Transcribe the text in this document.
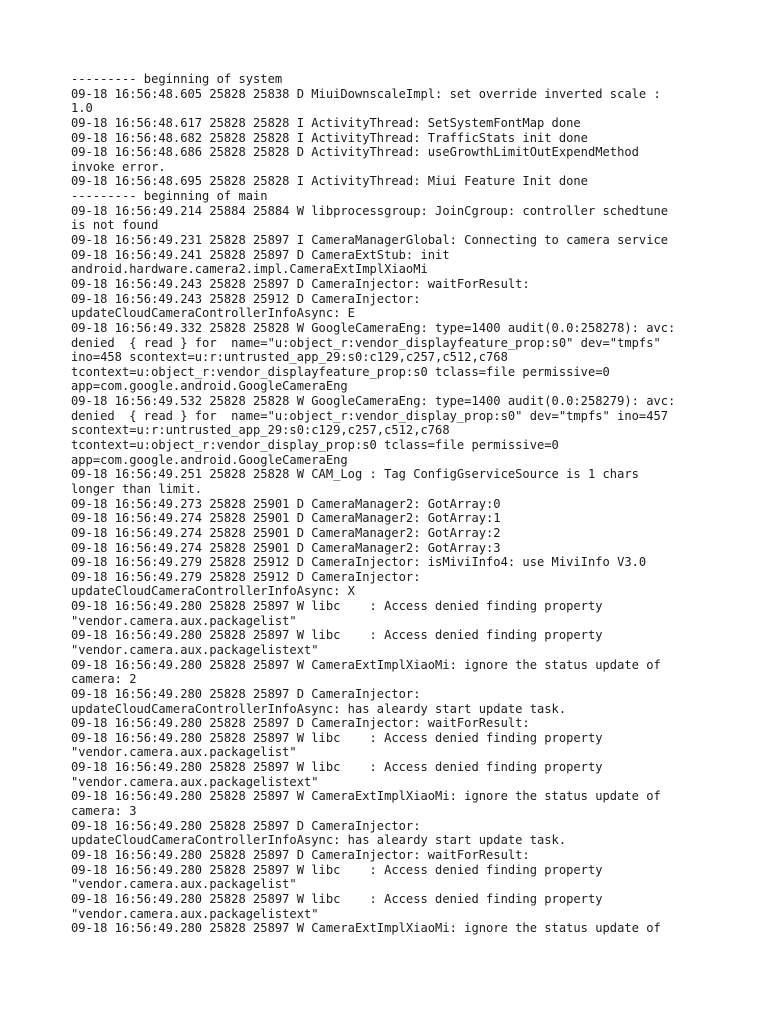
--------- beginning of system
09-18 16:56:48.605 25828 25838 D MiuiDownscaleImpl: set override inverted scale :
1.0
09-18 16:56:48.617 25828 25828 I ActivityThread: SetSystemFontMap done
09-18 16:56:48.682 25828 25828 I ActivityThread: TrafficStats init done
09-18 16:56:48.686 25828 25828 D ActivityThread: useGrowthLimitOutExpendMethod
invoke error.
09-18 16:56:48.695 25828 25828 I ActivityThread: Miui Feature Init done
--------- beginning of main
09-18 16:56:49.214 25884 25884 W libprocessgroup: JoinCgroup: controller schedtune
is not found
09-18 16:56:49.231 25828 25897 I CameraManagerGlobal: Connecting to camera service
09-18 16:56:49.241 25828 25897 D CameraExtStub: init
android.hardware.camera2.impl.CameraExtImplXiaoMi
09-18 16:56:49.243 25828 25897 D CameraInjector: waitForResult:
09-18 16:56:49.243 25828 25912 D CameraInjector:
updateCloudCameraControllerInfoAsync: E
09-18 16:56:49.332 25828 25828 W GoogleCameraEng: type=1400 audit(0.0:258278): avc:
denied  { read } for  name="u:object_r:vendor_displayfeature_prop:s0" dev="tmpfs"
ino=458 scontext=u:r:untrusted_app_29:s0:c129,c257,c512,c768
tcontext=u:object_r:vendor_displayfeature_prop:s0 tclass=file permissive=0
app=com.google.android.GoogleCameraEng
09-18 16:56:49.532 25828 25828 W GoogleCameraEng: type=1400 audit(0.0:258279): avc:
denied  { read } for  name="u:object_r:vendor_display_prop:s0" dev="tmpfs" ino=457
scontext=u:r:untrusted_app_29:s0:c129,c257,c512,c768
tcontext=u:object_r:vendor_display_prop:s0 tclass=file permissive=0
app=com.google.android.GoogleCameraEng
09-18 16:56:49.251 25828 25828 W CAM_Log : Tag ConfigGserviceSource is 1 chars
longer than limit.
09-18 16:56:49.273 25828 25901 D CameraManager2: GotArray:0
09-18 16:56:49.274 25828 25901 D CameraManager2: GotArray:1
09-18 16:56:49.274 25828 25901 D CameraManager2: GotArray:2
09-18 16:56:49.274 25828 25901 D CameraManager2: GotArray:3
09-18 16:56:49.279 25828 25912 D CameraInjector: isMiviInfo4: use MiviInfo V3.0
09-18 16:56:49.279 25828 25912 D CameraInjector:
updateCloudCameraControllerInfoAsync: X
09-18 16:56:49.280 25828 25897 W libc    : Access denied finding property
"vendor.camera.aux.packagelist"
09-18 16:56:49.280 25828 25897 W libc    : Access denied finding property
"vendor.camera.aux.packagelistext"
09-18 16:56:49.280 25828 25897 W CameraExtImplXiaoMi: ignore the status update of
camera: 2
09-18 16:56:49.280 25828 25897 D CameraInjector:
updateCloudCameraControllerInfoAsync: has aleardy start update task.
09-18 16:56:49.280 25828 25897 D CameraInjector: waitForResult:
09-18 16:56:49.280 25828 25897 W libc    : Access denied finding property
"vendor.camera.aux.packagelist"
09-18 16:56:49.280 25828 25897 W libc    : Access denied finding property
"vendor.camera.aux.packagelistext"
09-18 16:56:49.280 25828 25897 W CameraExtImplXiaoMi: ignore the status update of
camera: 3
09-18 16:56:49.280 25828 25897 D CameraInjector:
updateCloudCameraControllerInfoAsync: has aleardy start update task.
09-18 16:56:49.280 25828 25897 D CameraInjector: waitForResult:
09-18 16:56:49.280 25828 25897 W libc    : Access denied finding property
"vendor.camera.aux.packagelist"
09-18 16:56:49.280 25828 25897 W libc    : Access denied finding property
"vendor.camera.aux.packagelistext"
09-18 16:56:49.280 25828 25897 W CameraExtImplXiaoMi: ignore the status update of
